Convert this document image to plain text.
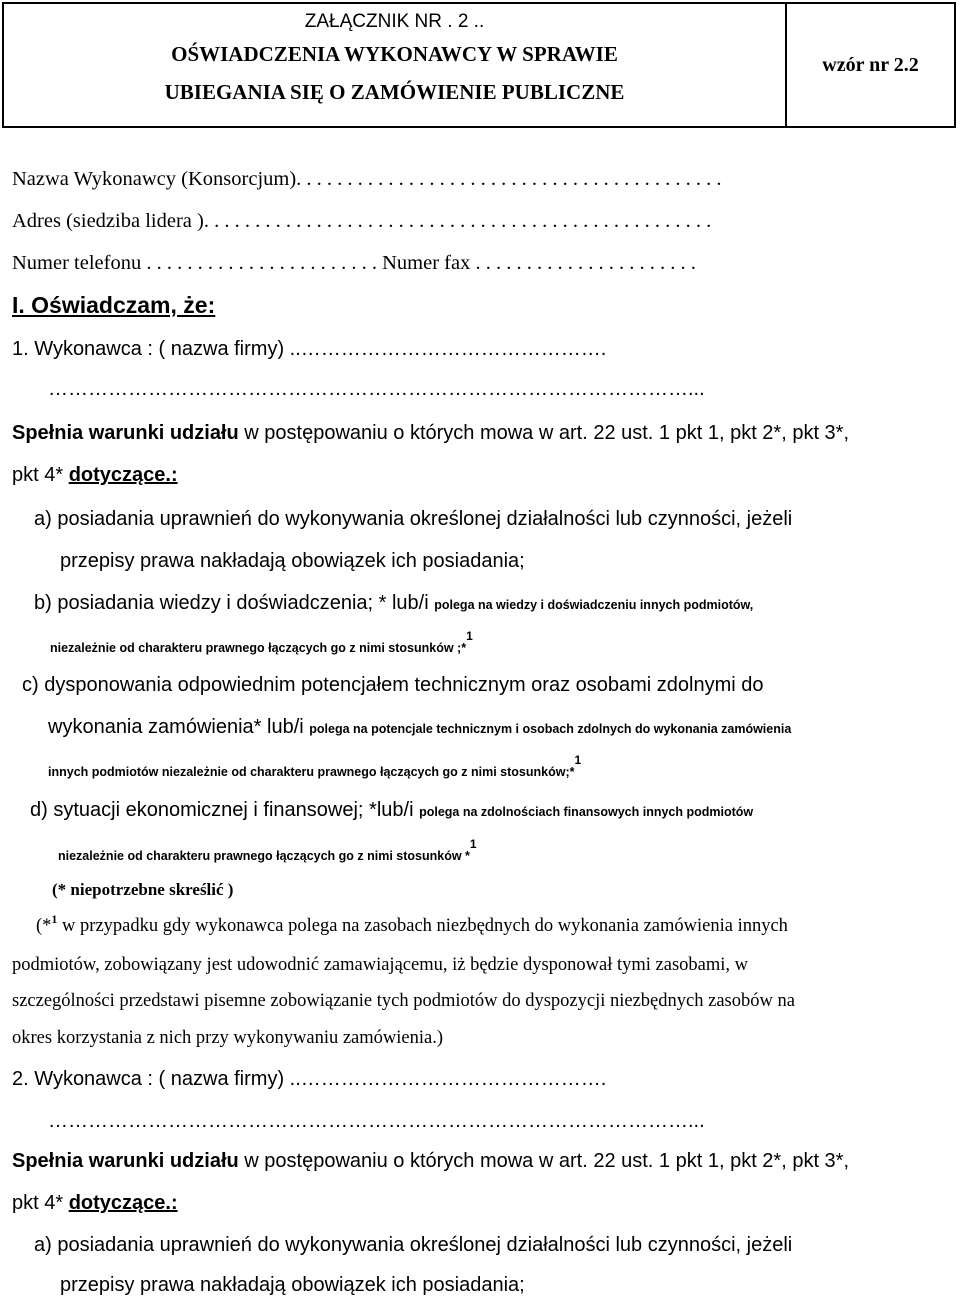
ZAŁĄCZNIK NR . 2 ..
OŚWIADCZENIA WYKONAWCY W SPRAWIE
UBIEGANIA SIĘ O ZAMÓWIENIE PUBLICZNE
wzór nr 2.2
Nazwa Wykonawcy (Konsorcjum). . . . . . . . . . . . . . . . . . . . . . . . . . . . . . . . . . . . . . . . . .
Adres (siedziba lidera ). . . . . . . . . . . . . . . . . . . . . . . . . . . . . . . . . . . . . . . . . . . . . . . . . .
Numer telefonu . . . . . . . . . . . . . . . . . . . . . . . Numer fax . . . . . . . . . . . . . . . . . . . . . .
I. Oświadczam, że:
1. Wykonawca : ( nazwa firmy) ..……………………………………….
……………………………………………………………………………………...
Spełnia warunki udziału w postępowaniu o których mowa w art. 22 ust. 1 pkt 1, pkt 2*, pkt 3*,
pkt 4* dotyczące.:
a) posiadania uprawnień do wykonywania określonej działalności lub czynności, jeżeli
przepisy prawa nakładają obowiązek ich posiadania;
b) posiadania wiedzy i doświadczenia; * lub/i polega na wiedzy i doświadczeniu innych podmiotów,
niezależnie od charakteru prawnego łączących go z nimi stosunków ;*$^1$
c) dysponowania odpowiednim potencjałem technicznym oraz osobami zdolnymi do
wykonania zamówienia* lub/i polega na potencjale technicznym i osobach zdolnych do wykonania zamówienia
innych podmiotów niezależnie od charakteru prawnego łączących go z nimi stosunków;*$^1$
d) sytuacji ekonomicznej i finansowej; *lub/i polega na zdolnościach finansowych innych podmiotów
niezależnie od charakteru prawnego łączących go z nimi stosunków *$^1$
(* niepotrzebne skreślić )
(*$^1$ w przypadku gdy wykonawca polega na zasobach niezbędnych do wykonania zamówienia innych
podmiotów, zobowiązany jest udowodnić zamawiającemu, iż będzie dysponował tymi zasobami, w
szczególności przedstawi pisemne zobowiązanie tych podmiotów do dyspozycji niezbędnych zasobów na
okres korzystania z nich przy wykonywaniu zamówienia.)
2. Wykonawca : ( nazwa firmy) ..……………………………………….
……………………………………………………………………………………...
Spełnia warunki udziału w postępowaniu o których mowa w art. 22 ust. 1 pkt 1, pkt 2*, pkt 3*,
pkt 4* dotyczące.:
a) posiadania uprawnień do wykonywania określonej działalności lub czynności, jeżeli
przepisy prawa nakładają obowiązek ich posiadania;
